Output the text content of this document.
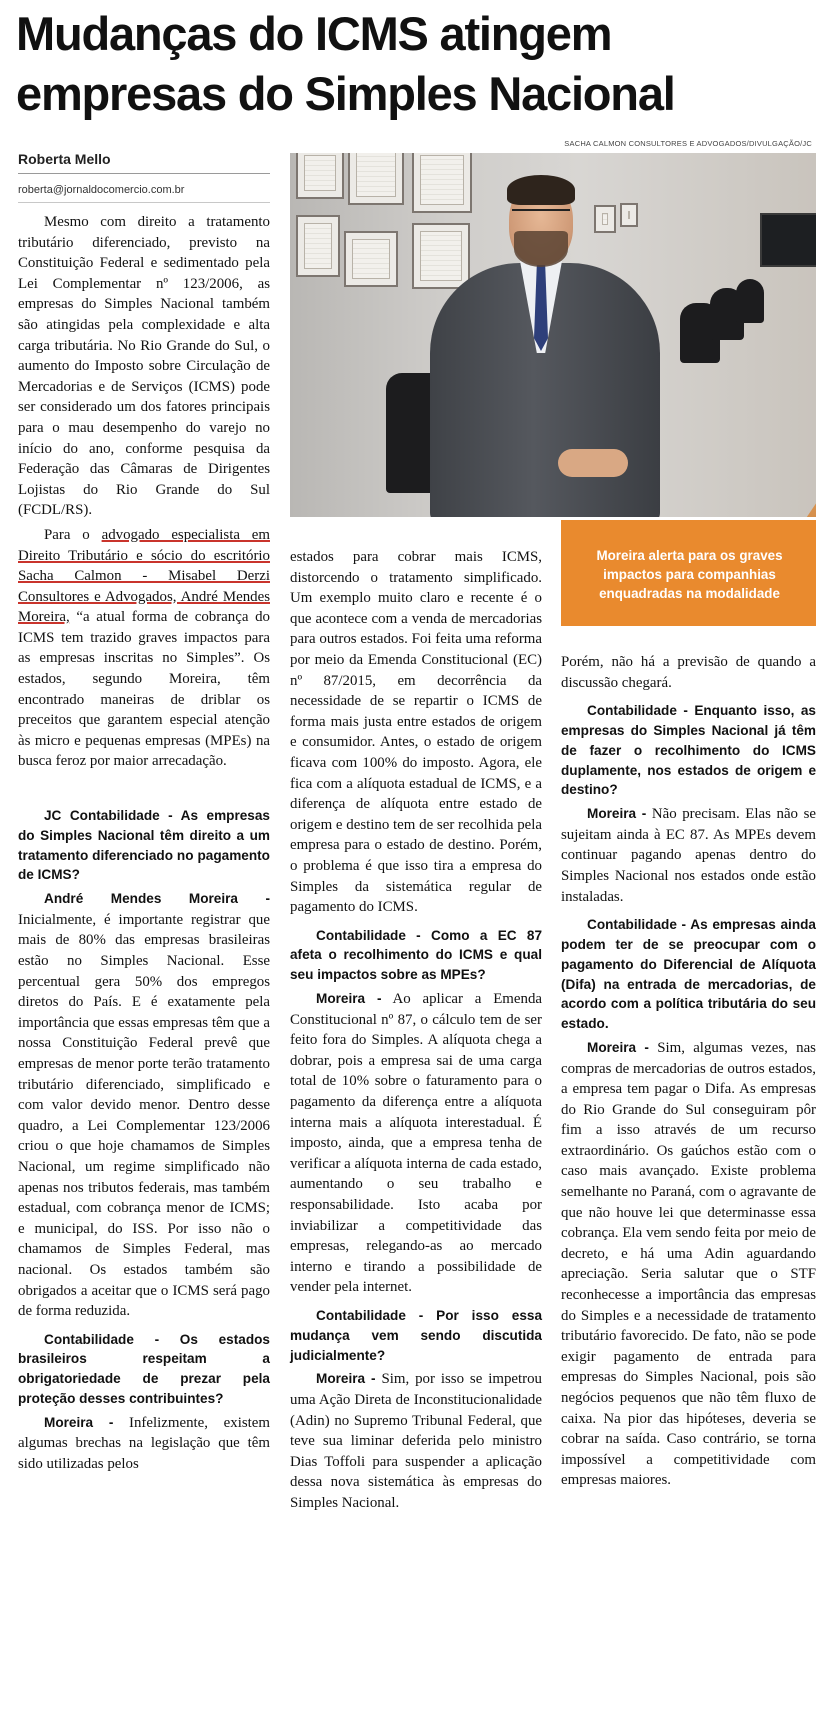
Mudanças do ICMS atingem
empresas do Simples Nacional
Roberta Mello
roberta@jornaldocomercio.com.br
SACHA CALMON CONSULTORES E ADVOGADOS/DIVULGAÇÃO/JC
Moreira alerta para os graves impactos para companhias enquadradas na modalidade

Mesmo com direito a tratamento tributário diferenciado, previsto na Constituição Federal e sedimentado pela Lei Complementar nº 123/2006, as empresas do Simples Nacional também são atingidas pela complexidade e alta carga tributária. No Rio Grande do Sul, o aumento do Imposto sobre Circulação de Mercadorias e de Serviços (ICMS) pode ser considerado um dos fatores principais para o mau desempenho do varejo no início do ano, conforme pesquisa da Federação das Câmaras de Dirigentes Lojistas do Rio Grande do Sul (FCDL/RS).

Para o advogado especialista em Direito Tributário e sócio do escritório Sacha Calmon - Misabel Derzi Consultores e Advogados, André Mendes Moreira, “a atual forma de cobrança do ICMS tem trazido graves impactos para as empresas inscritas no Simples”. Os estados, segundo Moreira, têm encontrado maneiras de driblar os preceitos que garantem especial atenção às micro e pequenas empresas (MPEs) na busca feroz por maior arrecadação.

JC Contabilidade - As empresas do Simples Nacional têm direito a um tratamento diferenciado no pagamento de ICMS?

André Mendes Moreira - Inicialmente, é importante registrar que mais de 80% das empresas brasileiras estão no Simples Nacional. Esse percentual gera 50% dos empregos diretos do País. E é exatamente pela importância que essas empresas têm que a nossa Constituição Federal prevê que empresas de menor porte terão tratamento tributário diferenciado, simplificado e com valor devido menor. Dentro desse quadro, a Lei Complementar 123/2006 criou o que hoje chamamos de Simples Nacional, um regime simplificado não apenas nos tributos federais, mas também estadual, com cobrança menor de ICMS; e municipal, do ISS. Por isso não o chamamos de Simples Federal, mas nacional. Os estados também são obrigados a aceitar que o ICMS será pago de forma reduzida.

Contabilidade - Os estados brasileiros respeitam a obrigatoriedade de prezar pela proteção desses contribuintes?

Moreira - Infelizmente, existem algumas brechas na legislação que têm sido utilizadas pelos

estados para cobrar mais ICMS, distorcendo o tratamento simplificado. Um exemplo muito claro e recente é o que acontece com a venda de mercadorias para outros estados. Foi feita uma reforma por meio da Emenda Constitucional (EC) nº 87/2015, em decorrência da necessidade de se repartir o ICMS de forma mais justa entre estados de origem e consumidor. Antes, o estado de origem ficava com 100% do imposto. Agora, ele fica com a alíquota estadual de ICMS, e a diferença de alíquota entre estado de origem e destino tem de ser recolhida pela empresa para o estado de destino. Porém, o problema é que isso tira a empresa do Simples da sistemática regular de pagamento do ICMS.

Contabilidade - Como a EC 87 afeta o recolhimento do ICMS e qual seu impactos sobre as MPEs?

Moreira - Ao aplicar a Emenda Constitucional nº 87, o cálculo tem de ser feito fora do Simples. A alíquota chega a dobrar, pois a empresa sai de uma carga total de 10% sobre o faturamento para o pagamento da diferença entre a alíquota interna mais a alíquota interestadual. É imposto, ainda, que a empresa tenha de verificar a alíquota interna de cada estado, aumentando o seu trabalho e responsabilidade. Isto acaba por inviabilizar a competitividade das empresas, relegando-as ao mercado interno e tirando a possibilidade de vender pela internet.

Contabilidade - Por isso essa mudança vem sendo discutida judicialmente?

Moreira - Sim, por isso se impetrou uma Ação Direta de Inconstitucionalidade (Adin) no Supremo Tribunal Federal, que teve sua liminar deferida pelo ministro Dias Toffoli para suspender a aplicação dessa nova sistemática às empresas do Simples Nacional.

Porém, não há a previsão de quando a discussão chegará.

Contabilidade - Enquanto isso, as empresas do Simples Nacional já têm de fazer o recolhimento do ICMS duplamente, nos estados de origem e destino?

Moreira - Não precisam. Elas não se sujeitam ainda à EC 87. As MPEs devem continuar pagando apenas dentro do Simples Nacional nos estados onde estão instaladas.

Contabilidade - As empresas ainda podem ter de se preocupar com o pagamento do Diferencial de Alíquota (Difa) na entrada de mercadorias, de acordo com a política tributária do seu estado.

Moreira - Sim, algumas vezes, nas compras de mercadorias de outros estados, a empresa tem pagar o Difa. As empresas do Rio Grande do Sul conseguiram pôr fim a isso através de um recurso extraordinário. Os gaúchos estão com o caso mais avançado. Existe problema semelhante no Paraná, com o agravante de que não houve lei que determinasse essa cobrança. Ela vem sendo feita por meio de decreto, e há uma Adin aguardando apreciação. Seria salutar que o STF reconhecesse a importância das empresas do Simples e a necessidade de tratamento tributário favorecido. De fato, não se pode exigir pagamento de entrada para empresas do Simples Nacional, pois são negócios pequenos que não têm fluxo de caixa. Na pior das hipóteses, deveria se cobrar na saída. Caso contrário, se torna impossível a competitividade com empresas maiores.
